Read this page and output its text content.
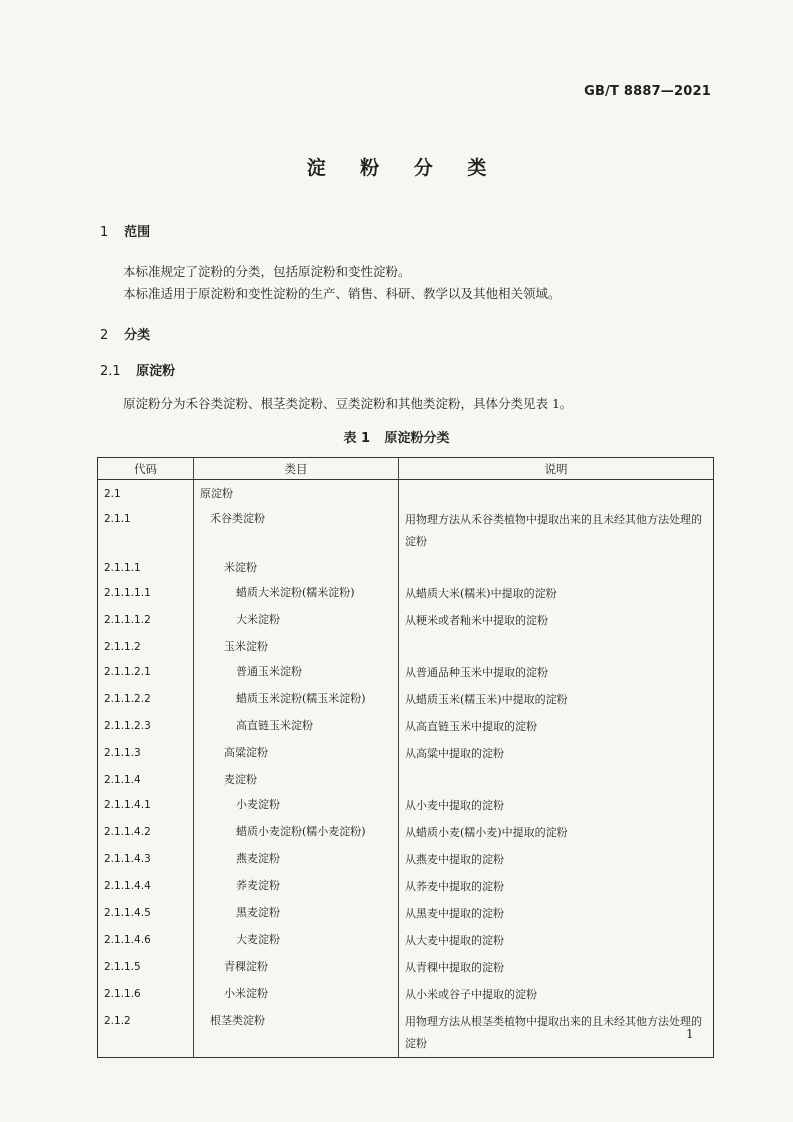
GB/T 8887—2021
淀 粉 分 类
1 范围
本标准规定了淀粉的分类，包括原淀粉和变性淀粉。
本标准适用于原淀粉和变性淀粉的生产、销售、科研、教学以及其他相关领域。
2 分类
2.1 原淀粉
原淀粉分为禾谷类淀粉、根茎类淀粉、豆类淀粉和其他类淀粉，具体分类见表 1。
表 1 原淀粉分类
代码	类目	说明
2.1	原淀粉	
2.1.1	禾谷类淀粉	用物理方法从禾谷类植物中提取出来的且未经其他方法处理的淀粉
2.1.1.1	米淀粉	
2.1.1.1.1	蜡质大米淀粉(糯米淀粉)	从蜡质大米(糯米)中提取的淀粉
2.1.1.1.2	大米淀粉	从粳米或者籼米中提取的淀粉
2.1.1.2	玉米淀粉	
2.1.1.2.1	普通玉米淀粉	从普通品种玉米中提取的淀粉
2.1.1.2.2	蜡质玉米淀粉(糯玉米淀粉)	从蜡质玉米(糯玉米)中提取的淀粉
2.1.1.2.3	高直链玉米淀粉	从高直链玉米中提取的淀粉
2.1.1.3	高粱淀粉	从高粱中提取的淀粉
2.1.1.4	麦淀粉	
2.1.1.4.1	小麦淀粉	从小麦中提取的淀粉
2.1.1.4.2	蜡质小麦淀粉(糯小麦淀粉)	从蜡质小麦(糯小麦)中提取的淀粉
2.1.1.4.3	燕麦淀粉	从燕麦中提取的淀粉
2.1.1.4.4	荞麦淀粉	从荞麦中提取的淀粉
2.1.1.4.5	黑麦淀粉	从黑麦中提取的淀粉
2.1.1.4.6	大麦淀粉	从大麦中提取的淀粉
2.1.1.5	青稞淀粉	从青稞中提取的淀粉
2.1.1.6	小米淀粉	从小米或谷子中提取的淀粉
2.1.2	根茎类淀粉	用物理方法从根茎类植物中提取出来的且未经其他方法处理的淀粉
1
